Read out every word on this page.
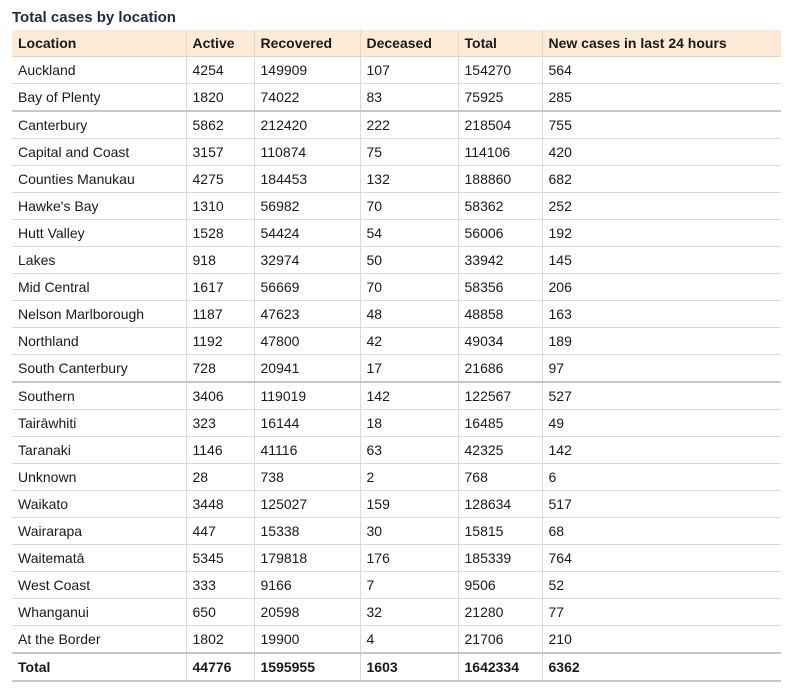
Total cases by location
Location	Active	Recovered	Deceased	Total	New cases in last 24 hours
Auckland	4254	149909	107	154270	564
Bay of Plenty	1820	74022	83	75925	285
Canterbury	5862	212420	222	218504	755
Capital and Coast	3157	110874	75	114106	420
Counties Manukau	4275	184453	132	188860	682
Hawke's Bay	1310	56982	70	58362	252
Hutt Valley	1528	54424	54	56006	192
Lakes	918	32974	50	33942	145
Mid Central	1617	56669	70	58356	206
Nelson Marlborough	1187	47623	48	48858	163
Northland	1192	47800	42	49034	189
South Canterbury	728	20941	17	21686	97
Southern	3406	119019	142	122567	527
Tairāwhiti	323	16144	18	16485	49
Taranaki	1146	41116	63	42325	142
Unknown	28	738	2	768	6
Waikato	3448	125027	159	128634	517
Wairarapa	447	15338	30	15815	68
Waitematā	5345	179818	176	185339	764
West Coast	333	9166	7	9506	52
Whanganui	650	20598	32	21280	77
At the Border	1802	19900	4	21706	210
Total	44776	1595955	1603	1642334	6362
